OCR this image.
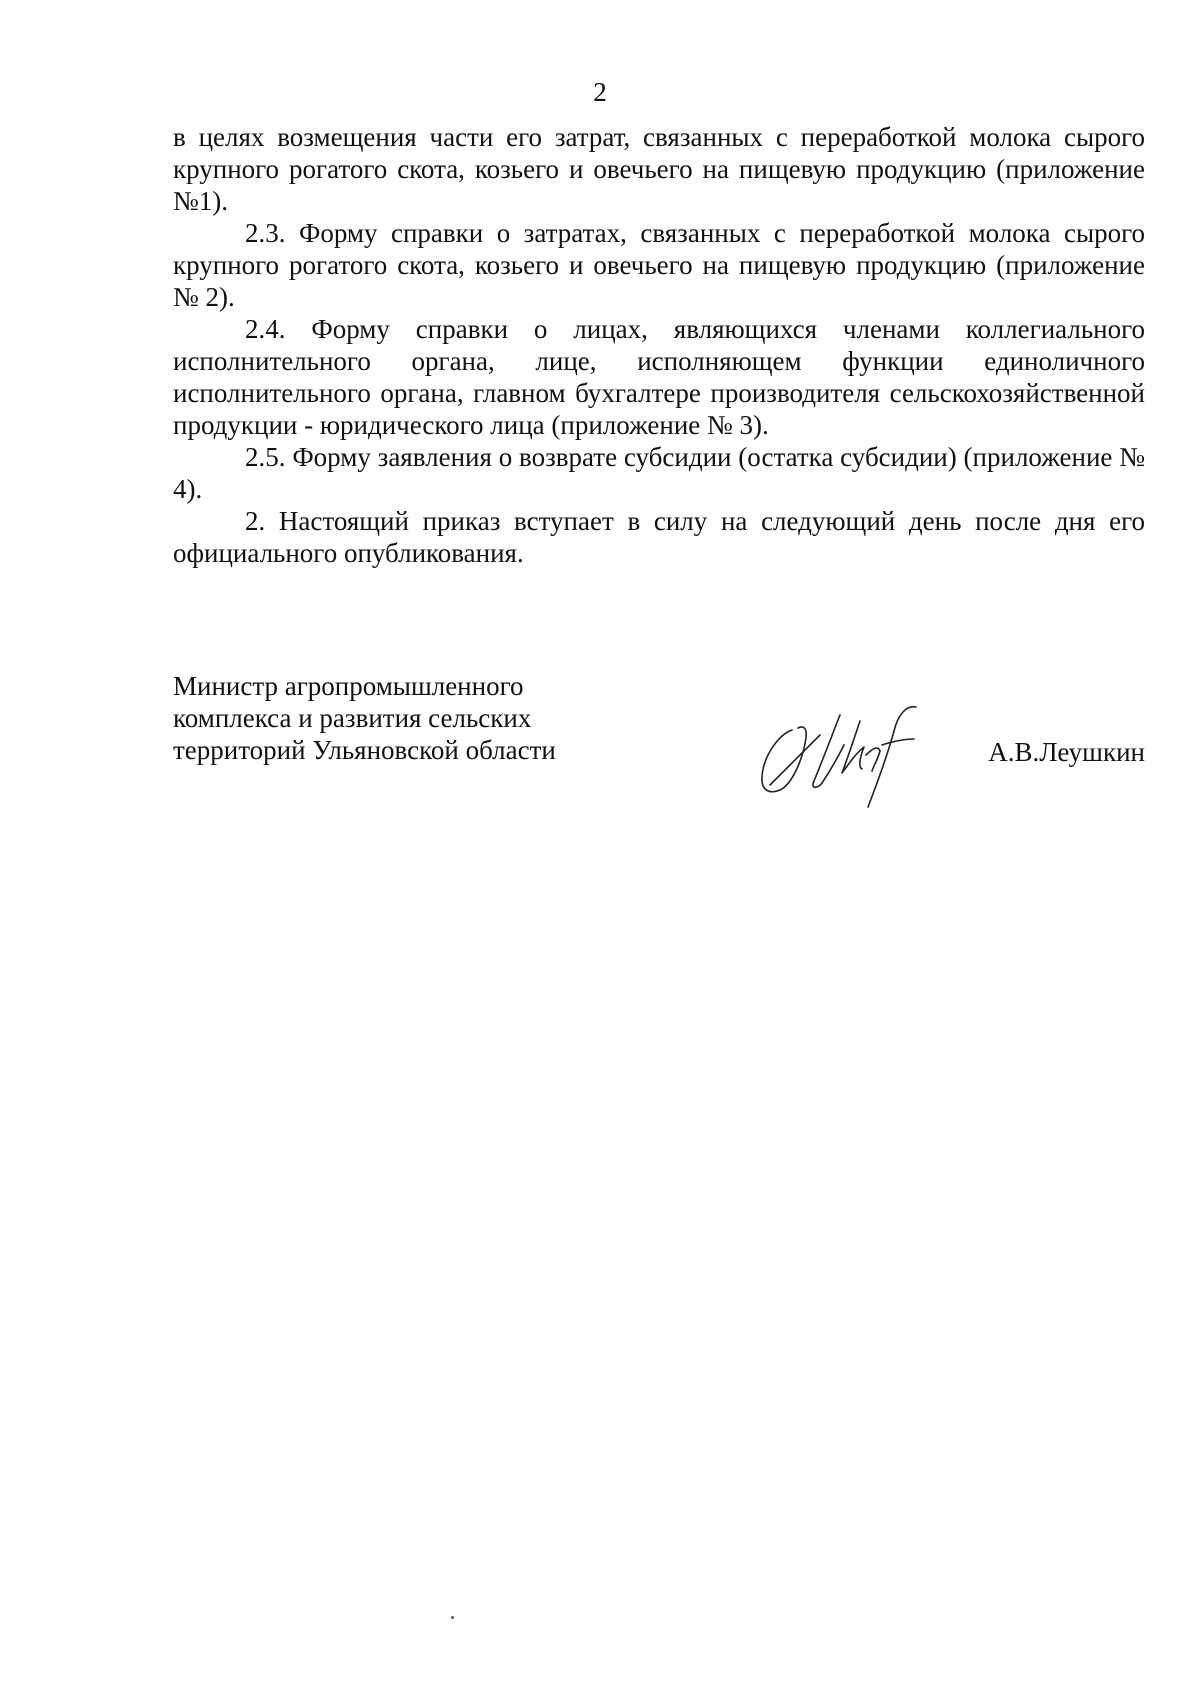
2

в целях возмещения части его затрат, связанных с переработкой молока сырого крупного рогатого скота, козьего и овечьего на пищевую продукцию (приложение №1).

2.3. Форму справки о затратах, связанных с переработкой молока сырого крупного рогатого скота, козьего и овечьего на пищевую продукцию (приложение № 2).

2.4. Форму справки о лицах, являющихся членами коллегиального исполнительного органа, лице, исполняющем функции единоличного исполнительного органа, главном бухгалтере производителя сельскохозяйственной продукции - юридического лица (приложение № 3).

2.5. Форму заявления о возврате субсидии (остатка субсидии) (приложение № 4).

2. Настоящий приказ вступает в силу на следующий день после дня его официального опубликования.

Министр агропромышленного
комплекса и развития сельских
территорий Ульяновской области	А.В.Леушкин
